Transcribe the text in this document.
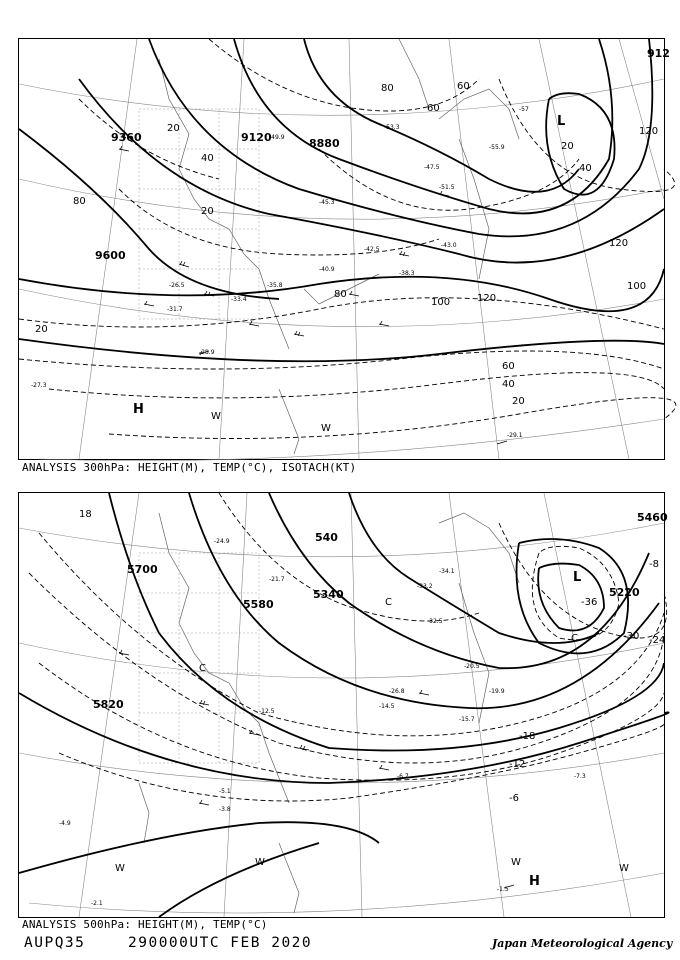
-53.3
-51.5
-47.5
-45.3
-43.0
-40.9
-38.3
-33.4
-35.8
-31.7
-28.9
-27.3
-29.1
-26.5
-42.5
-49.9
-57
-55.9
9360	9120	8880
9600
912
20
40
20
80
100	120
120
100
60
40
20
20
40
60
80
120
80
20
60
L
H	W
W
ANALYSIS 300hPa: HEIGHT(M), TEMP(°C), ISOTACH(KT)
-33.2
-34.1
-32.5
-26.8
-20.5
-19.9
-15.7
-14.5
-12.5
-7.3
-6.7
-5.1
-4.9
-3.8
-1.5
-2.1
-21.7
-24.9
5700
5580
5340	5220
5820
5460
540
-36
-30 -24
-18
-12
-6
-8
18
L
H
C
C
C
W
W	W
W
ANALYSIS 500hPa: HEIGHT(M), TEMP(°C)
AUPQ35	290000UTC FEB 2020	Japan Meteorological Agency
